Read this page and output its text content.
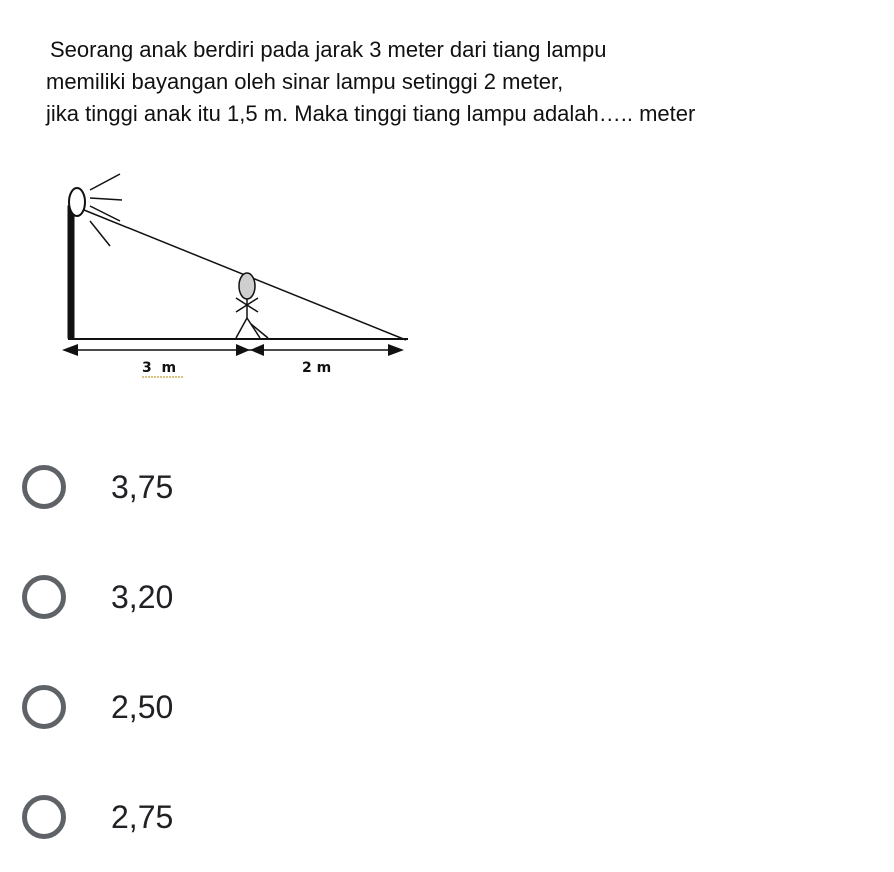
Seorang anak berdiri pada jarak 3 meter dari tiang lampu

memiliki bayangan oleh sinar lampu setinggi 2 meter,

jika tinggi anak itu 1,5 m. Maka tinggi tiang lampu adalah….. meter

3  m	2 m
3,75
3,20
2,50
2,75
